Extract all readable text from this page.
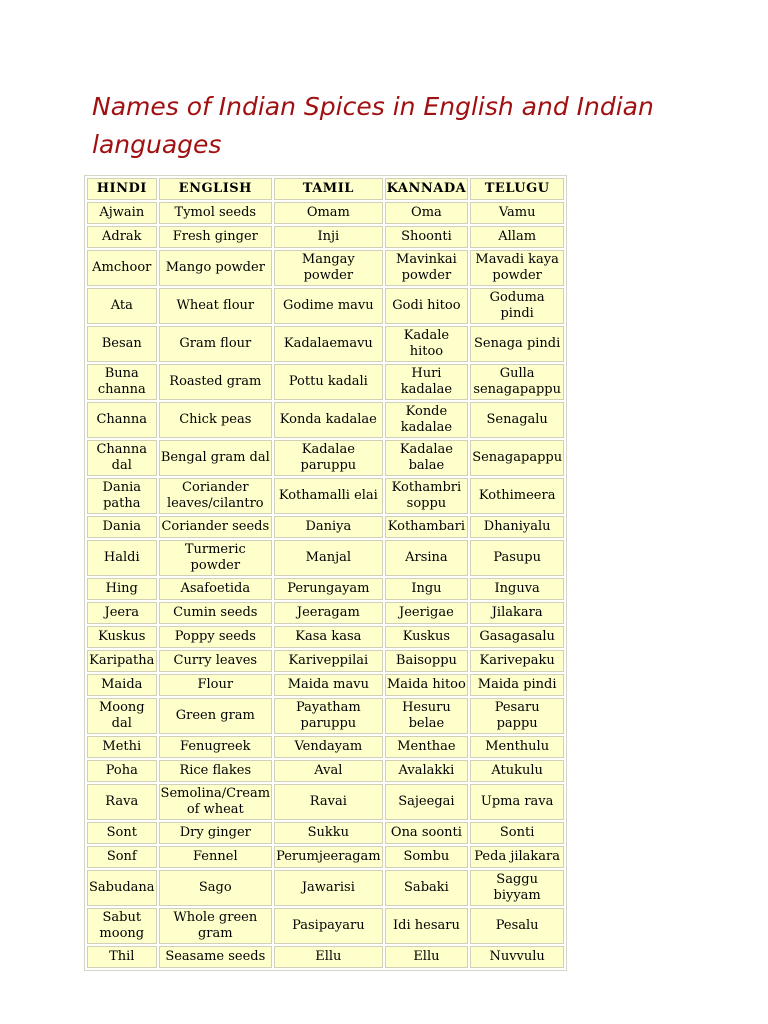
Names of Indian Spices in English and Indian languages
HINDI	ENGLISH	TAMIL	KANNADA	TELUGU
Ajwain	Tymol seeds	Omam	Oma	Vamu
Adrak	Fresh ginger	Inji	Shoonti	Allam
Amchoor	Mango powder	Mangay powder	Mavinkai powder	Mavadi kaya powder
Ata	Wheat flour	Godime mavu	Godi hitoo	Goduma pindi
Besan	Gram flour	Kadalaemavu	Kadale hitoo	Senaga pindi
Buna channa	Roasted gram	Pottu kadali	Huri kadalae	Gulla senagapappu
Channa	Chick peas	Konda kadalae	Konde kadalae	Senagalu
Channa dal	Bengal gram dal	Kadalae paruppu	Kadalae balae	Senagapappu
Dania patha	Coriander leaves/cilantro	Kothamalli elai	Kothambri soppu	Kothimeera
Dania	Coriander seeds	Daniya	Kothambari	Dhaniyalu
Haldi	Turmeric powder	Manjal	Arsina	Pasupu
Hing	Asafoetida	Perungayam	Ingu	Inguva
Jeera	Cumin seeds	Jeeragam	Jeerigae	Jilakara
Kuskus	Poppy seeds	Kasa kasa	Kuskus	Gasagasalu
Karipatha	Curry leaves	Kariveppilai	Baisoppu	Karivepaku
Maida	Flour	Maida mavu	Maida hitoo	Maida pindi
Moong dal	Green gram	Payatham paruppu	Hesuru belae	Pesaru pappu
Methi	Fenugreek	Vendayam	Menthae	Menthulu
Poha	Rice flakes	Aval	Avalakki	Atukulu
Rava	Semolina/Cream of wheat	Ravai	Sajeegai	Upma rava
Sont	Dry ginger	Sukku	Ona soonti	Sonti
Sonf	Fennel	Perumjeeragam	Sombu	Peda jilakara
Sabudana	Sago	Jawarisi	Sabaki	Saggu biyyam
Sabut moong	Whole green gram	Pasipayaru	Idi hesaru	Pesalu
Thil	Seasame seeds	Ellu	Ellu	Nuvvulu
